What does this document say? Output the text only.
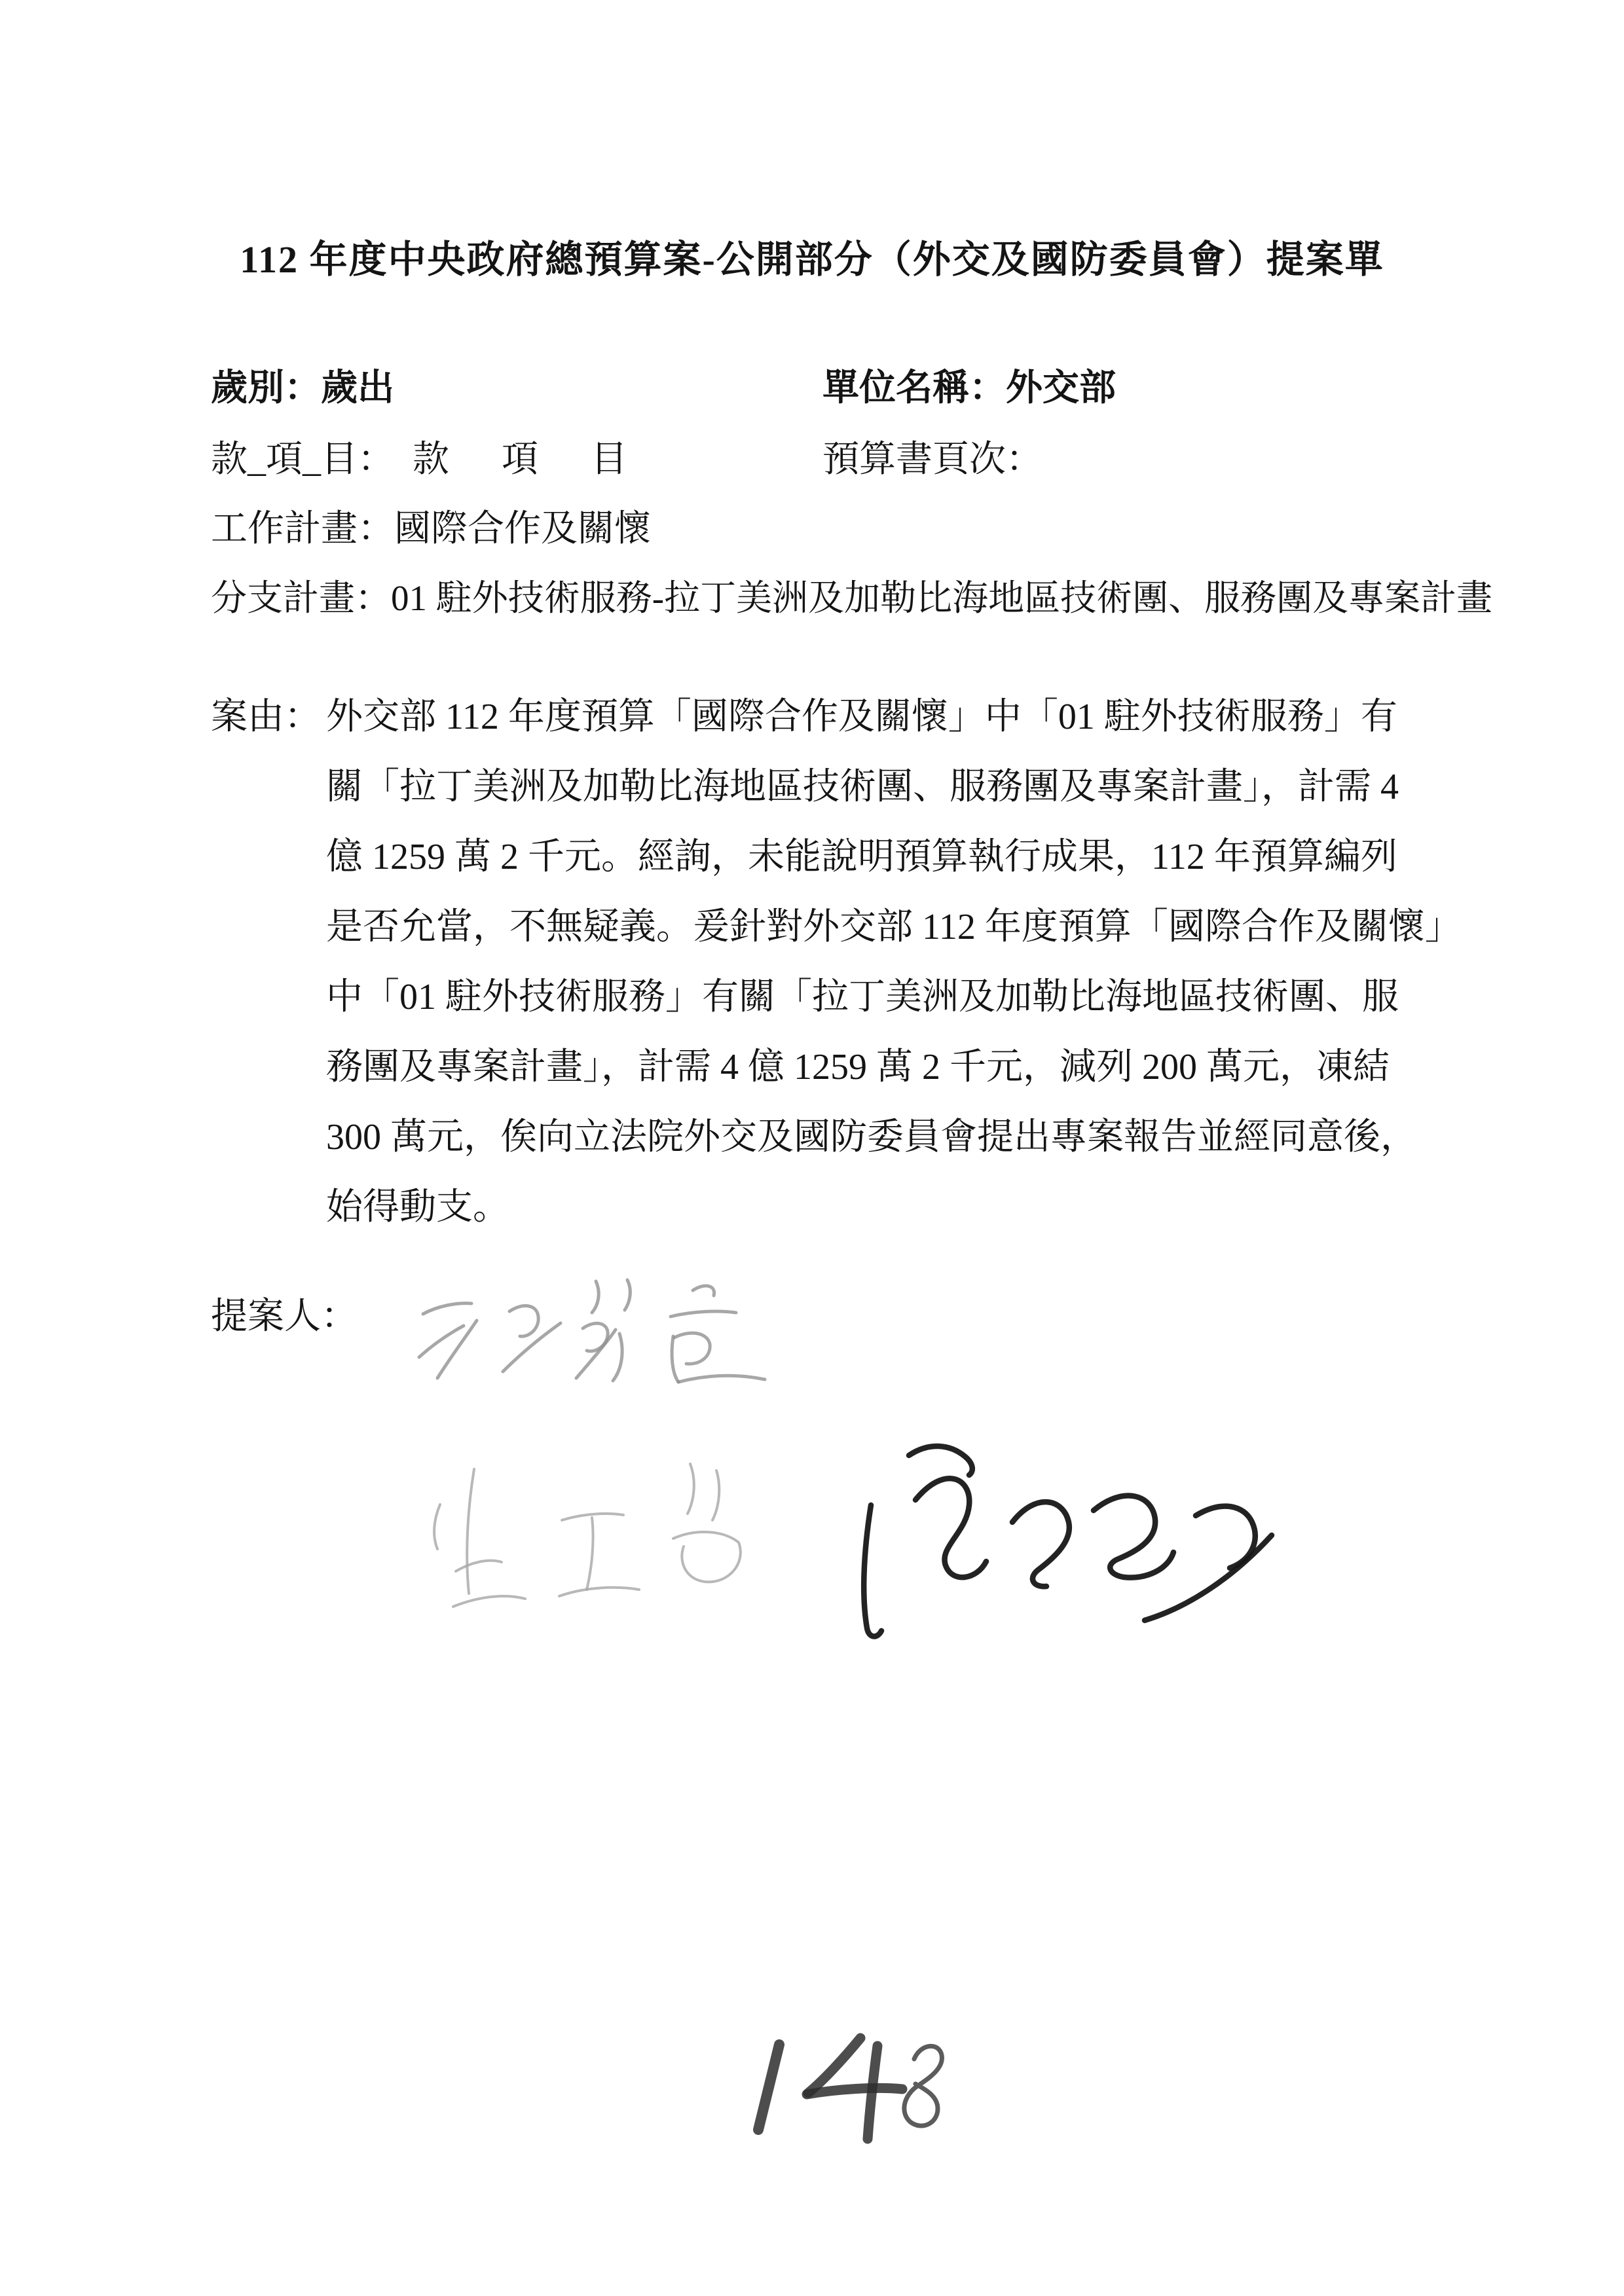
112 年度中央政府總預算案-公開部分（外交及國防委員會）提案單
歲別：歲出	單位名稱：外交部
款_項_目： 款　項　目	預算書頁次：
工作計畫：國際合作及關懷
分支計畫：01 駐外技術服務-拉丁美洲及加勒比海地區技術團、服務團及專案計畫
案由： 外交部 112 年度預算「國際合作及關懷」中「01 駐外技術服務」有
關「拉丁美洲及加勒比海地區技術團、服務團及專案計畫」，計需 4
億 1259 萬 2 千元。經詢，未能說明預算執行成果，112 年預算編列
是否允當，不無疑義。爰針對外交部 112 年度預算「國際合作及關懷」
中「01 駐外技術服務」有關「拉丁美洲及加勒比海地區技術團、服
務團及專案計畫」，計需 4 億 1259 萬 2 千元，減列 200 萬元，凍結
300 萬元，俟向立法院外交及國防委員會提出專案報告並經同意後，
始得動支。
提案人：
